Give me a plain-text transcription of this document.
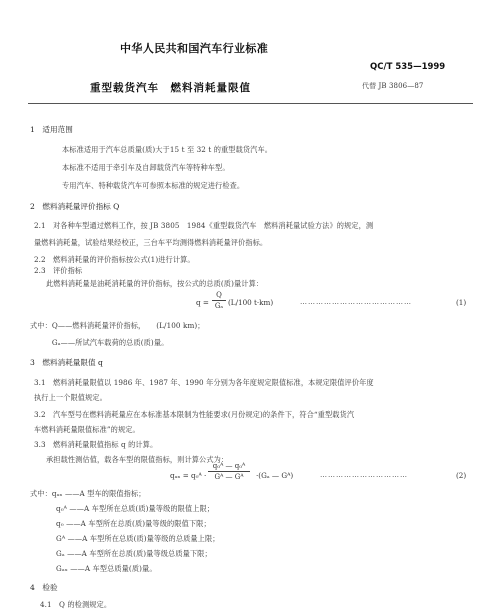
中华人民共和国汽车行业标准
QC/T 535—1999
重型载货汽车　燃料消耗量限值	代替 JB 3806—87
1　适用范围
本标准适用于汽车总质量(质)大于15 t 至 32 t 的重型载货汽车。
本标准不适用于牵引车及自卸载货汽车等特种车型。
专用汽车、特种载货汽车可参照本标准的规定进行检查。
2　燃料消耗量评价指标 Q
2.1　对各种车型通过燃料工作，按 JB 3805　1984《重型载货汽车　燃料消耗量试验方法》的规定，测
量燃料消耗量，试验结果经校正，三台车平均测得燃料消耗量评价指标。
2.2　燃料消耗量的评价指标按公式(1)进行计算。
2.3　评价指标
此燃料消耗量是油耗消耗量的评价指标，按公式的总质(质)量计算：
q =
Q
Gₐ (L/100 t·km)	……………………………………	(1)
式中：Q——燃料消耗量评价指标，　　(L/100 km)；
　　　Gₐ——所试汽车载荷的总质(质)量。
3　燃料消耗量限值 q
3.1　燃料消耗量限值以 1986 年、1987 年、1990 年分别为各年度规定限值标准，本规定限值评价年度
执行上一个限值规定。
3.2　汽车型号在燃料消耗量应在本标准基本限制为性能要求(月份规定)的条件下，符合“重型载货汽
车燃料消耗量限值标准”的规定。
3.3　燃料消耗量限值指标 q 的计算。
承担载性测估值，载各车型的限值指标，则计算公式为：
qₐₓ = q₀ᴬ ·
q₀ᴬ — q₀ᴬ
Gᴬ — Gᴬ	·(Gₐ — Gᴬ)	……………………………	(2)
式中：qₐₓ ——A 型车的限值指标；
q₀ᴬ ——A 车型所在总质(质)量等级的限值上限；
q₀ ——A 车型所在总质(质)量等级的限值下限；
Gᴬ ——A 车型所在总质(质)量等级的总质量上限；
Gₐ ——A 车型所在总质(质)量等级总质量下限；
Gₐₓ ——A 车型总质量(质)量。
4　检验
4.1　Q 的检测规定。
